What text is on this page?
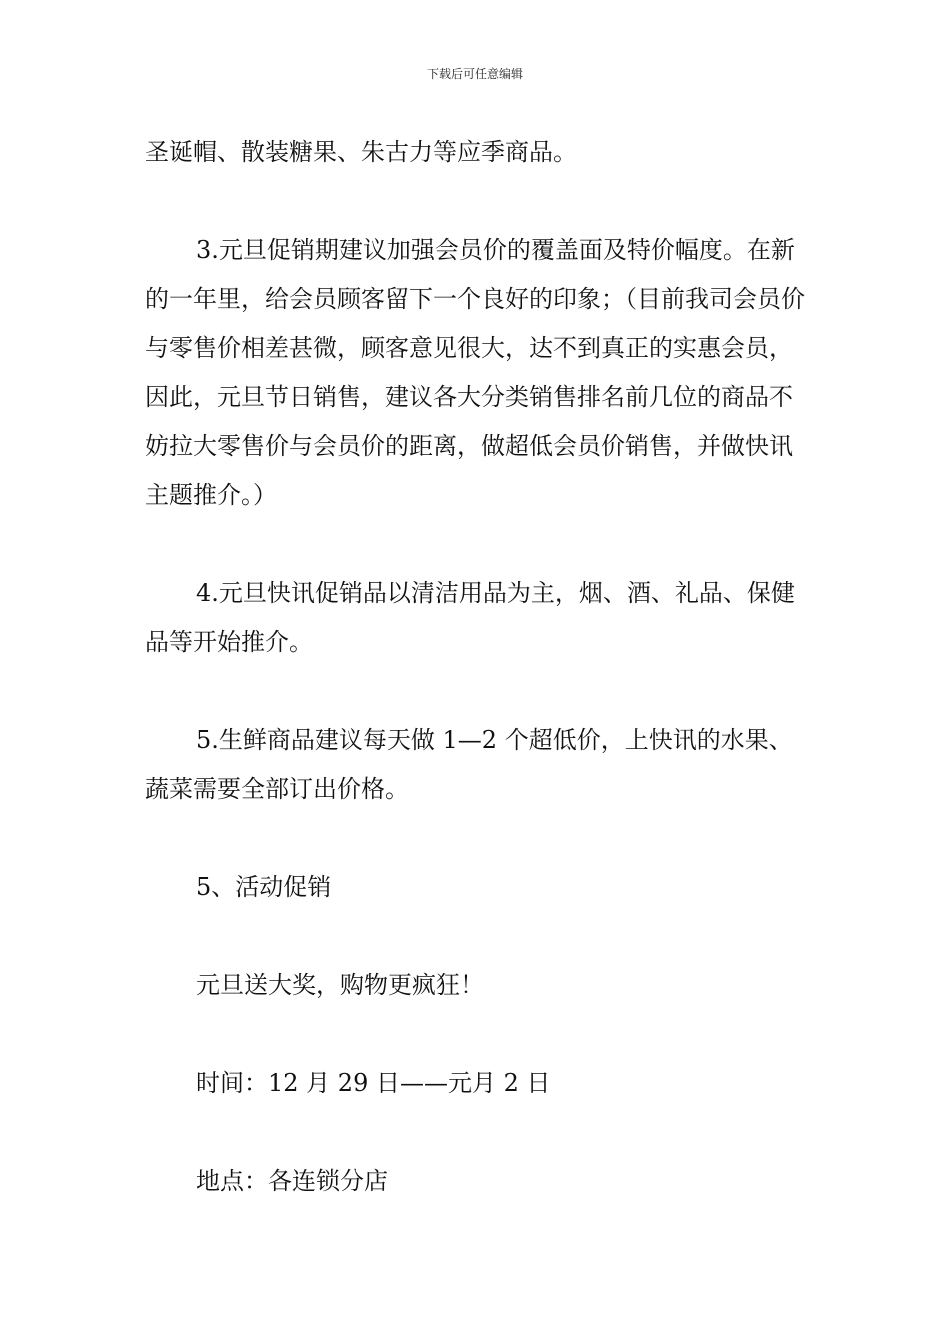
下载后可任意编辑

圣诞帽、散装糖果、朱古力等应季商品。

3.元旦促销期建议加强会员价的覆盖面及特价幅度。在新的一年里，给会员顾客留下一个良好的印象；（目前我司会员价与零售价相差甚微，顾客意见很大，达不到真正的实惠会员，因此，元旦节日销售，建议各大分类销售排名前几位的商品不妨拉大零售价与会员价的距离，做超低会员价销售，并做快讯主题推介。）

4.元旦快讯促销品以清洁用品为主，烟、酒、礼品、保健品等开始推介。

5.生鲜商品建议每天做 1—2 个超低价，上快讯的水果、蔬菜需要全部订出价格。

5、活动促销

元旦送大奖，购物更疯狂！

时间：12 月 29 日——元月 2 日

地点：各连锁分店
